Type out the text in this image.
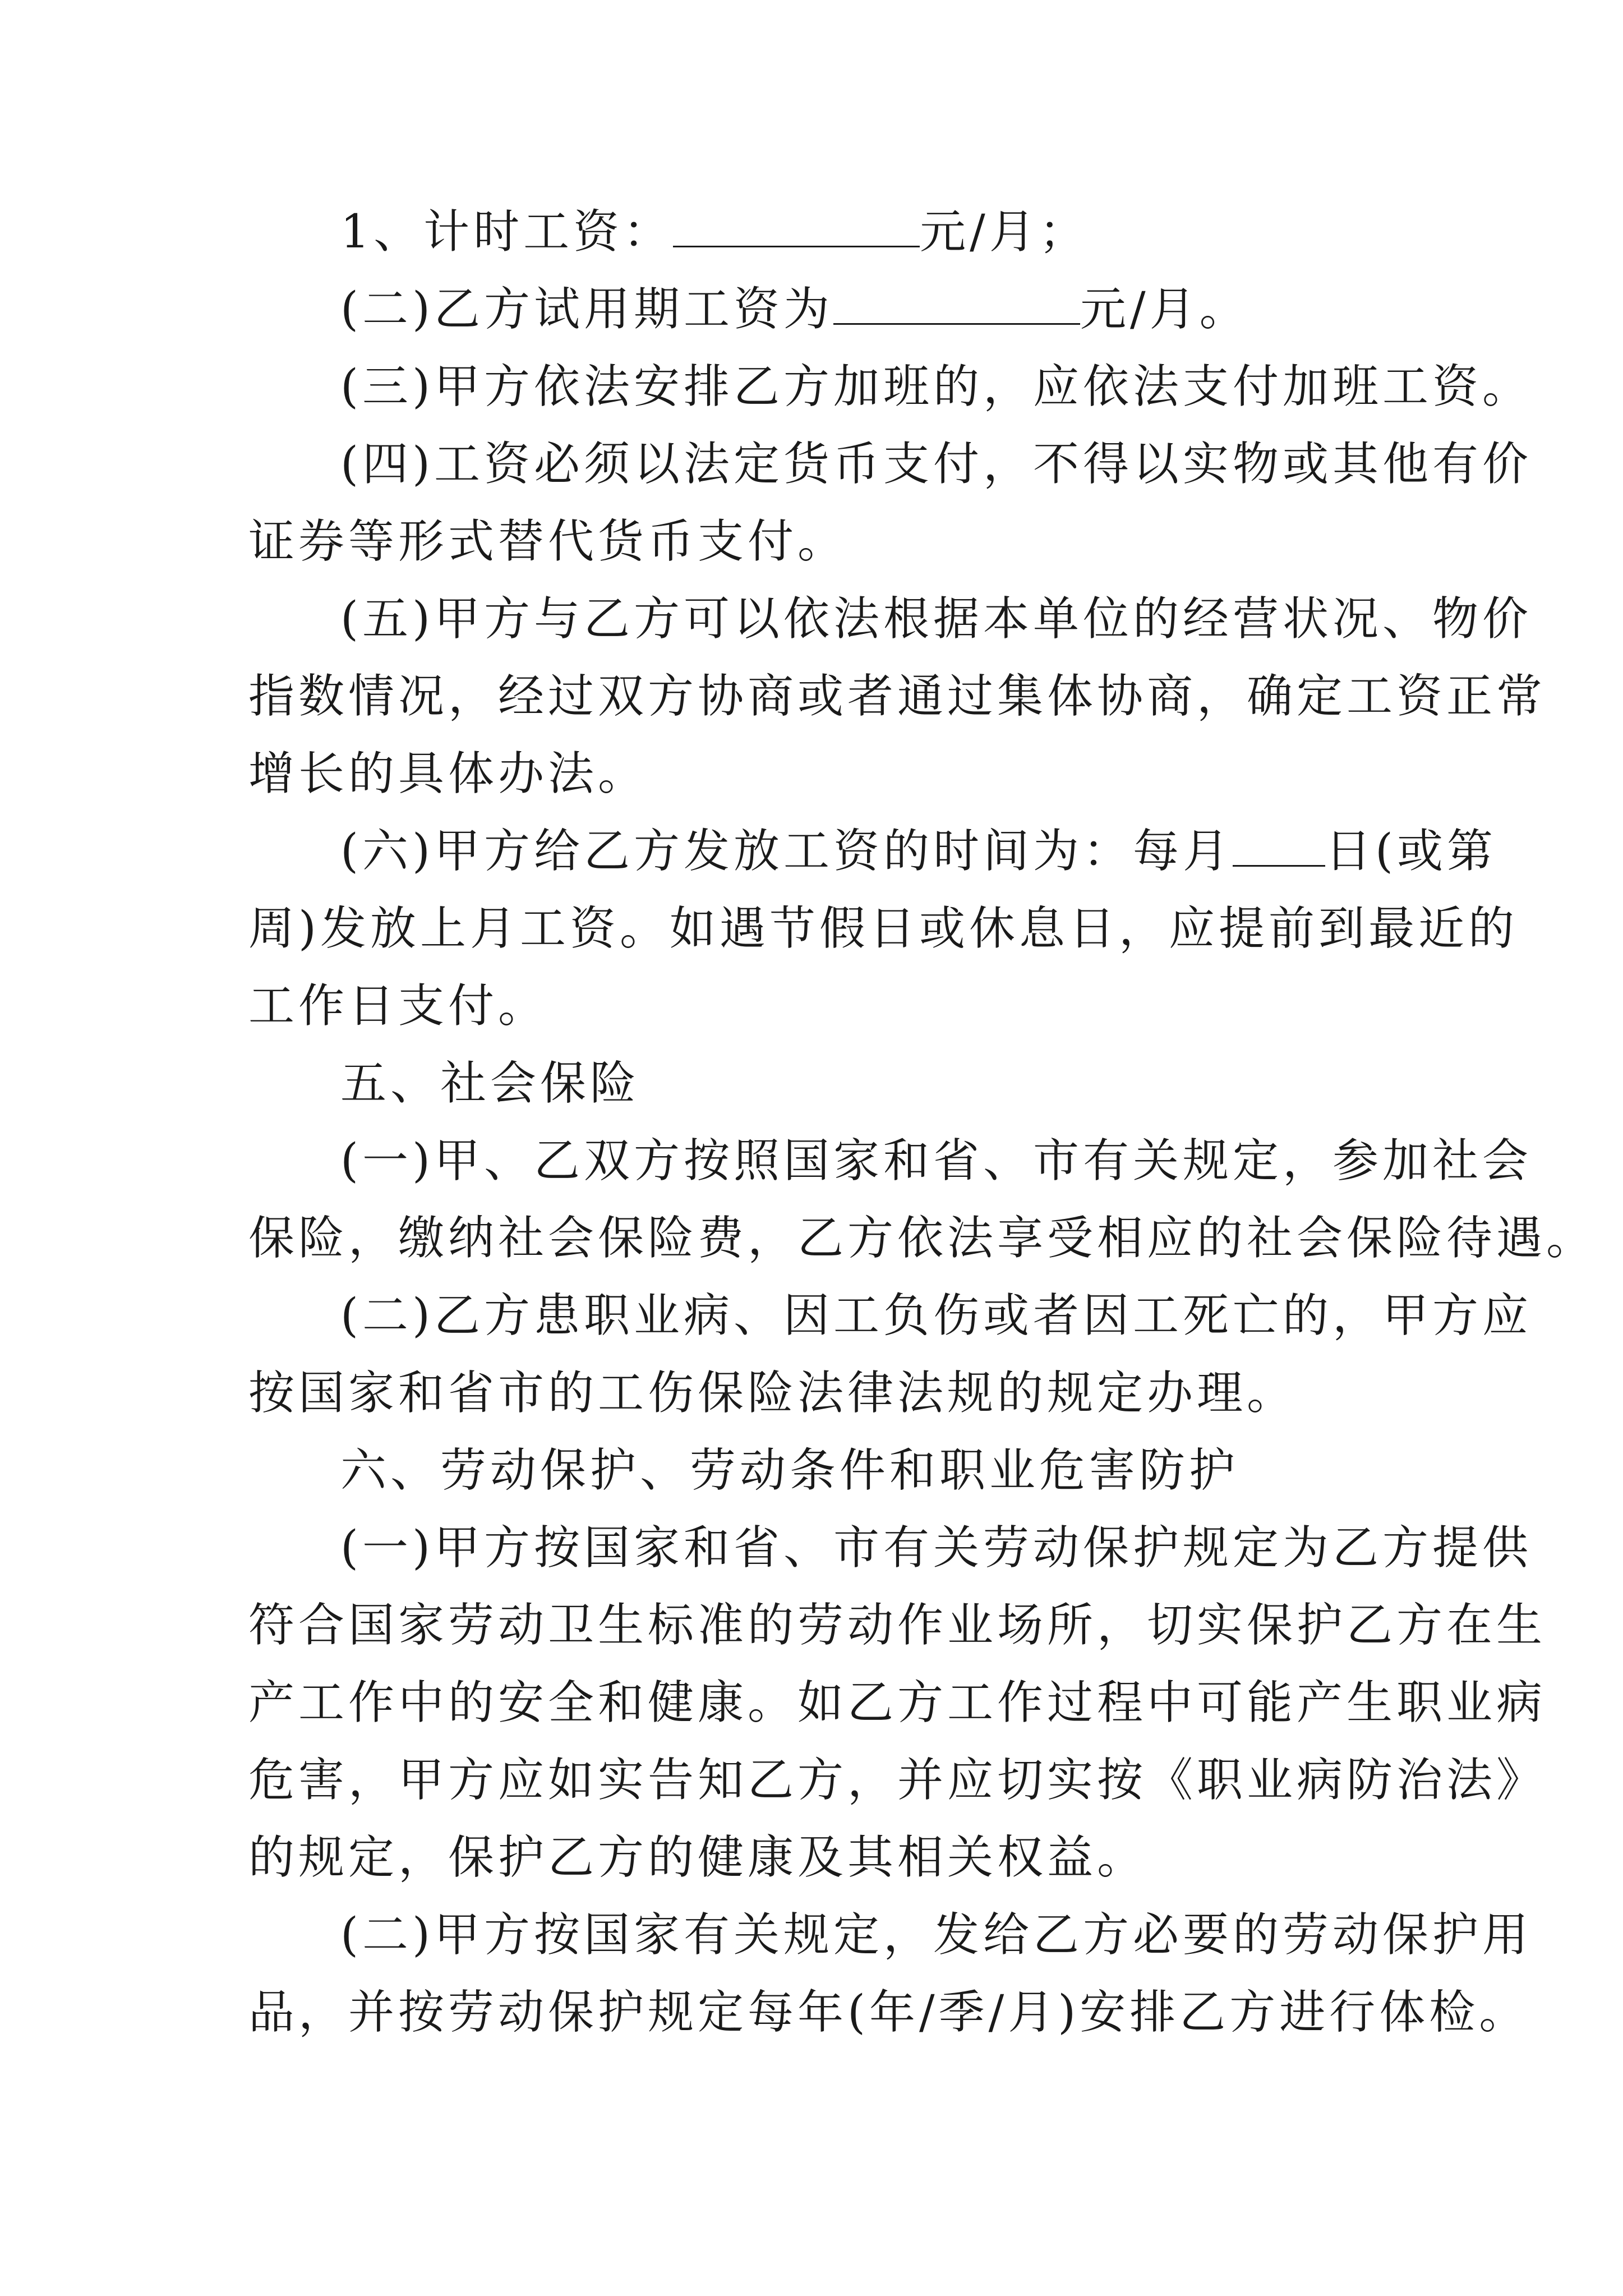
1、计时工资：	元/月；
(二)乙方试用期工资为	元/月。
(三)甲方依法安排乙方加班的，应依法支付加班工资。
(四)工资必须以法定货币支付，不得以实物或其他有价
证券等形式替代货币支付。
(五)甲方与乙方可以依法根据本单位的经营状况、物价
指数情况，经过双方协商或者通过集体协商，确定工资正常
增长的具体办法。
(六)甲方给乙方发放工资的时间为：每月 日(或第
周)发放上月工资。如遇节假日或休息日，应提前到最近的
工作日支付。
五、社会保险
(一)甲、乙双方按照国家和省、市有关规定，参加社会
保险，缴纳社会保险费，乙方依法享受相应的社会保险待遇。
(二)乙方患职业病、因工负伤或者因工死亡的，甲方应
按国家和省市的工伤保险法律法规的规定办理。
六、劳动保护、劳动条件和职业危害防护
(一)甲方按国家和省、市有关劳动保护规定为乙方提供
符合国家劳动卫生标准的劳动作业场所，切实保护乙方在生
产工作中的安全和健康。如乙方工作过程中可能产生职业病
危害，甲方应如实告知乙方，并应切实按《职业病防治法》
的规定，保护乙方的健康及其相关权益。
(二)甲方按国家有关规定，发给乙方必要的劳动保护用
品，并按劳动保护规定每年(年/季/月)安排乙方进行体检。
